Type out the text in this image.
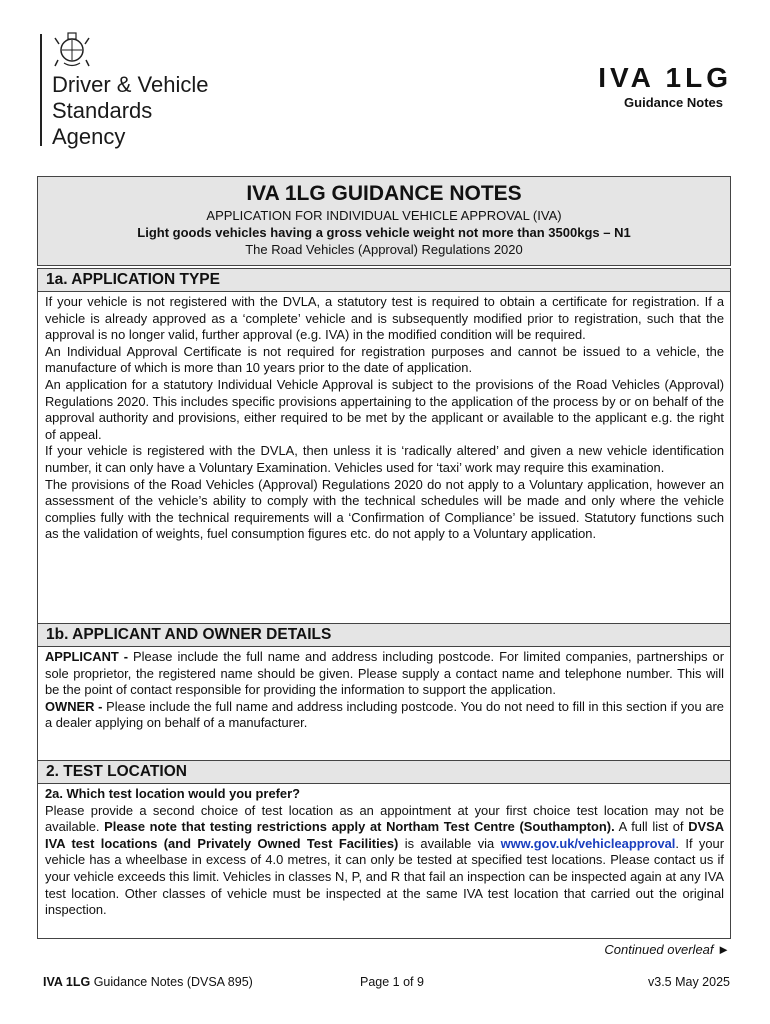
Driver & Vehicle
Standards
Agency
IVA 1LG
Guidance Notes
IVA 1LG GUIDANCE NOTES
APPLICATION FOR INDIVIDUAL VEHICLE APPROVAL (IVA)
Light goods vehicles having a gross vehicle weight not more than 3500kgs – N1
The Road Vehicles (Approval) Regulations 2020
1a. APPLICATION TYPE

If your vehicle is not registered with the DVLA, a statutory test is required to obtain a certificate for registration. If a vehicle is already approved as a ‘complete’ vehicle and is subsequently modified prior to registration, such that the approval is no longer valid, further approval (e.g. IVA) in the modified condition will be required.

An Individual Approval Certificate is not required for registration purposes and cannot be issued to a vehicle, the manufacture of which is more than 10 years prior to the date of application.

An application for a statutory Individual Vehicle Approval is subject to the provisions of the Road Vehicles (Approval) Regulations 2020. This includes specific provisions appertaining to the application of the process by or on behalf of the approval authority and provisions, either required to be met by the applicant or available to the applicant e.g. the right of appeal.

If your vehicle is registered with the DVLA, then unless it is ‘radically altered’ and given a new vehicle identification number, it can only have a Voluntary Examination. Vehicles used for ‘taxi’ work may require this examination.

The provisions of the Road Vehicles (Approval) Regulations 2020 do not apply to a Voluntary application, however an assessment of the vehicle’s ability to comply with the technical schedules will be made and only where the vehicle complies fully with the technical requirements will a ‘Confirmation of Compliance’ be issued. Statutory functions such as the validation of weights, fuel consumption figures etc. do not apply to a Voluntary application.

1b. APPLICANT AND OWNER DETAILS

APPLICANT - Please include the full name and address including postcode. For limited companies, partnerships or sole proprietor, the registered name should be given. Please supply a contact name and telephone number. This will be the point of contact responsible for providing the information to support the application.

OWNER - Please include the full name and address including postcode. You do not need to fill in this section if you are a dealer applying on behalf of a manufacturer.

2. TEST LOCATION

2a. Which test location would you prefer?

Please provide a second choice of test location as an appointment at your first choice test location may not be available. Please note that testing restrictions apply at Northam Test Centre (Southampton). A full list of DVSA IVA test locations (and Privately Owned Test Facilities) is available via www.gov.uk/vehicleapproval. If your vehicle has a wheelbase in excess of 4.0 metres, it can only be tested at specified test locations. Please contact us if your vehicle exceeds this limit. Vehicles in classes N, P, and R that fail an inspection can be inspected again at any IVA test location. Other classes of vehicle must be inspected at the same IVA test location that carried out the original inspection.

Continued overleaf ►
IVA 1LG Guidance Notes (DVSA 895)	Page 1 of 9	v3.5 May 2025
